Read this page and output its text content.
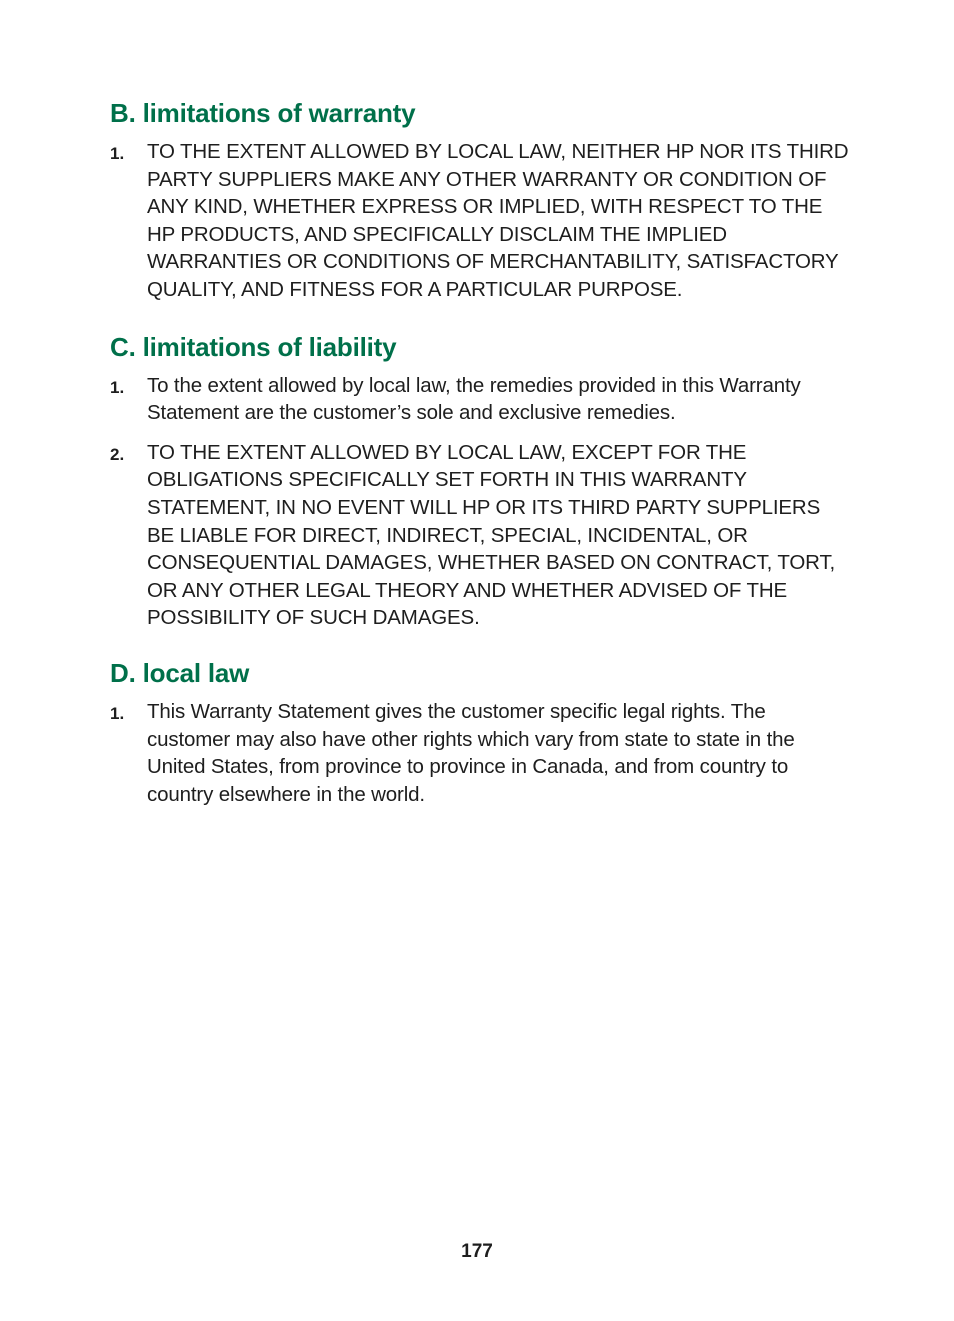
B. limitations of warranty
1.	TO THE EXTENT ALLOWED BY LOCAL LAW, NEITHER HP NOR ITS THIRD PARTY SUPPLIERS MAKE ANY OTHER WARRANTY OR CONDITION OF ANY KIND, WHETHER EXPRESS OR IMPLIED, WITH RESPECT TO THE HP PRODUCTS, AND SPECIFICALLY DISCLAIM THE IMPLIED WARRANTIES OR CONDITIONS OF MERCHANTABILITY, SATISFACTORY QUALITY, AND FITNESS FOR A PARTICULAR PURPOSE.
C. limitations of liability
1.	To the extent allowed by local law, the remedies provided in this Warranty Statement are the customer’s sole and exclusive remedies.
2.	TO THE EXTENT ALLOWED BY LOCAL LAW, EXCEPT FOR THE OBLIGATIONS SPECIFICALLY SET FORTH IN THIS WARRANTY STATEMENT, IN NO EVENT WILL HP OR ITS THIRD PARTY SUPPLIERS BE LIABLE FOR DIRECT, INDIRECT, SPECIAL, INCIDENTAL, OR CONSEQUENTIAL DAMAGES, WHETHER BASED ON CONTRACT, TORT, OR ANY OTHER LEGAL THEORY AND WHETHER ADVISED OF THE POSSIBILITY OF SUCH DAMAGES.
D. local law
1.	This Warranty Statement gives the customer specific legal rights. The customer may also have other rights which vary from state to state in the United States, from province to province in Canada, and from country to country elsewhere in the world.
177
